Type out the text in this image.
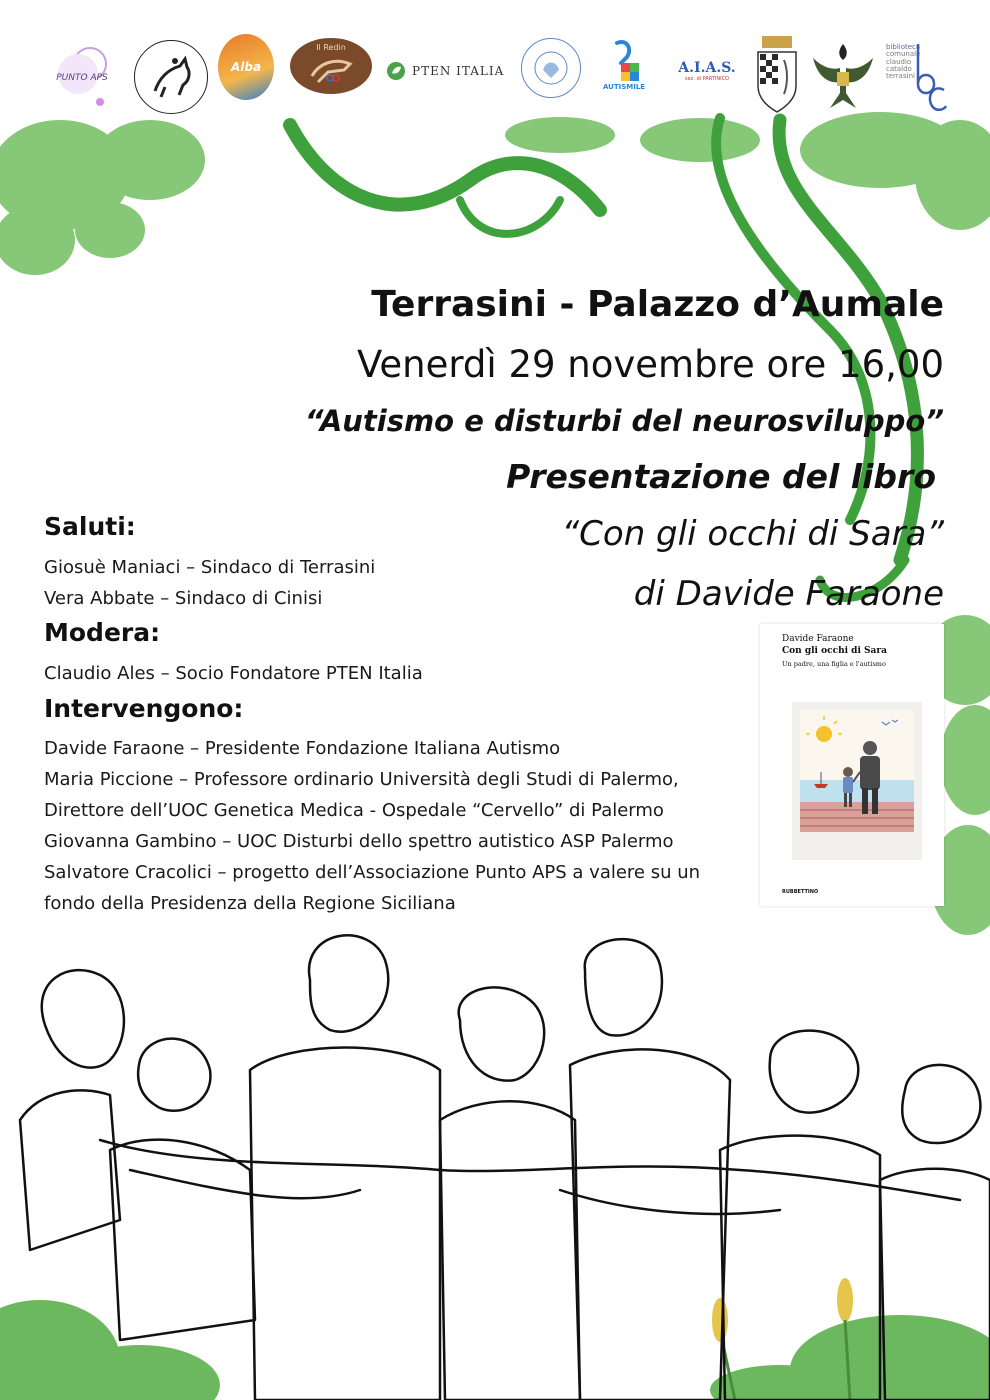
PUNTO APS
Alba
Il Redin
PTEN ITALIA
AUTISMILE
A.I.A.S.
sez. di PARTINICO
biblioteca
comunale
claudio
cataldo
terrasini
Terrasini - Palazzo d’Aumale
Venerdì 29 novembre ore 16,00
“Autismo e disturbi del neurosviluppo”
Presentazione del libro
“Con gli occhi di Sara”
di Davide Faraone
Saluti:
Giosuè Maniaci – Sindaco di Terrasini
Vera Abbate – Sindaco di Cinisi
Modera:
Claudio Ales – Socio Fondatore PTEN Italia
Intervengono:
Davide Faraone – Presidente Fondazione Italiana Autismo
Maria Piccione – Professore ordinario Università degli Studi di Palermo,
Direttore dell’UOC Genetica Medica - Ospedale “Cervello” di Palermo
Giovanna Gambino – UOC Disturbi dello spettro autistico ASP Palermo
Salvatore Cracolici – progetto dell’Associazione Punto APS a valere su un
fondo della Presidenza della Regione Siciliana
Davide Faraone
Con gli occhi di Sara
Un padre, una figlia e l'autismo
RUBBETTINO
